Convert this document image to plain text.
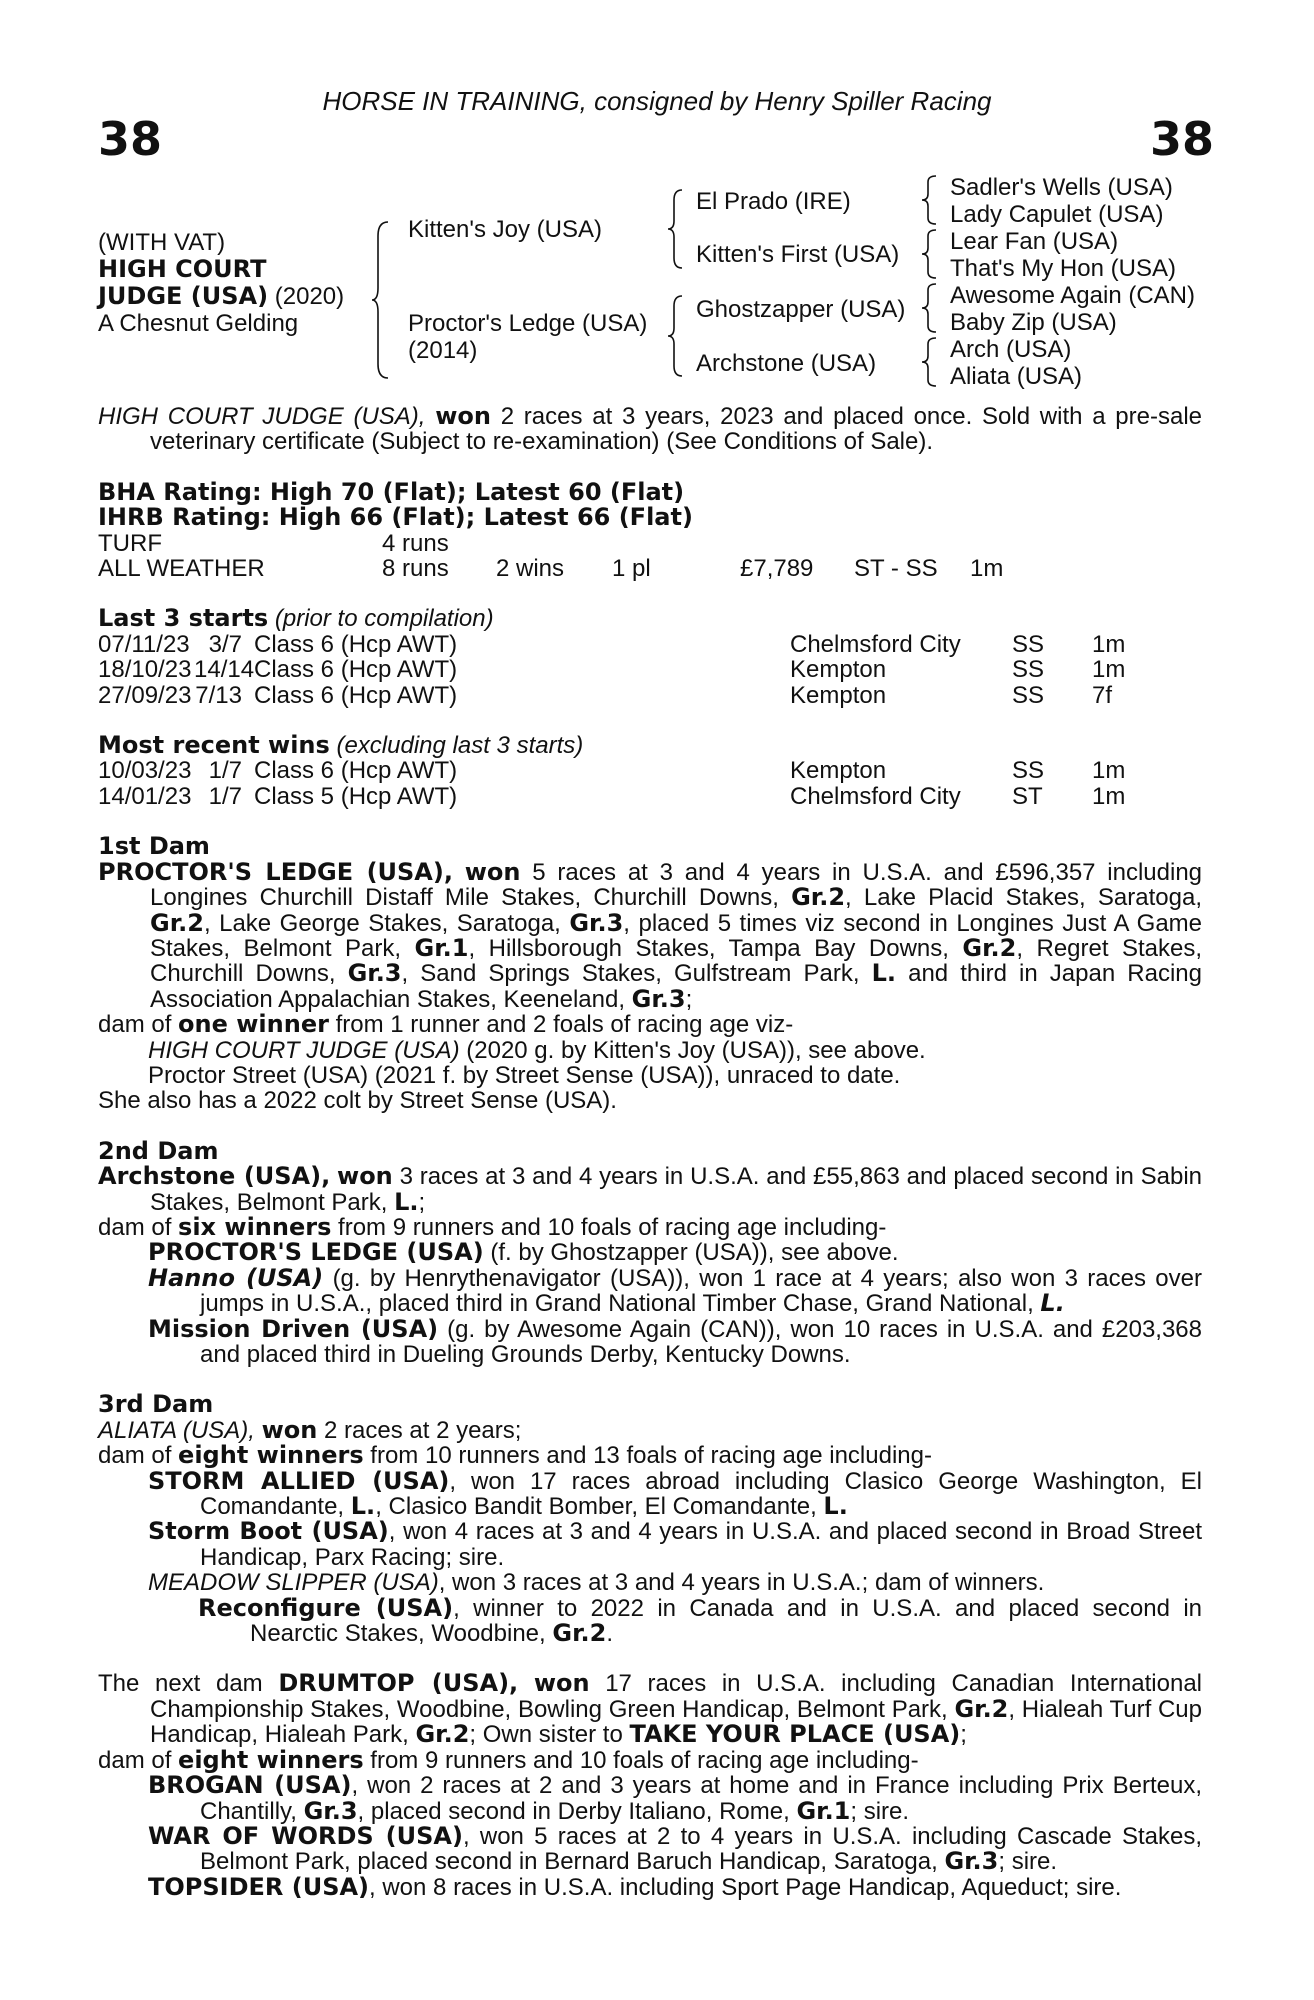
HORSE IN TRAINING, consigned by Henry Spiller Racing
38	38
(WITH VAT)
HIGH COURT
JUDGE (USA) (2020)
A Chesnut Gelding
Kitten's Joy (USA)
Proctor's Ledge (USA)
(2014)
El Prado (IRE)
Kitten's First (USA)
Ghostzapper (USA)
Archstone (USA)
Sadler's Wells (USA)
Lady Capulet (USA)
Lear Fan (USA)
That's My Hon (USA)
Awesome Again (CAN)
Baby Zip (USA)
Arch (USA)
Aliata (USA)

HIGH COURT JUDGE (USA), won 2 races at 3 years, 2023 and placed once. Sold with a pre-sale veterinary certificate (Subject to re-examination) (See Conditions of Sale).

BHA Rating: High 70 (Flat); Latest 60 (Flat)
IHRB Rating: High 66 (Flat); Latest 66 (Flat)
TURF	4 runs
ALL WEATHER	8 runs	2 wins	1 pl	£7,789	ST - SS	1m
Last 3 starts (prior to compilation)
07/11/23 3/7 Class 6 (Hcp AWT)	Chelmsford City	SS	1m
18/10/23 14/14 Class 6 (Hcp AWT)	Kempton	SS	1m
27/09/23 7/13 Class 6 (Hcp AWT)	Kempton	SS	7f
Most recent wins (excluding last 3 starts)
10/03/23 1/7 Class 6 (Hcp AWT)	Kempton	SS	1m
14/01/23 1/7 Class 5 (Hcp AWT)	Chelmsford City	ST	1m
1st Dam

PROCTOR'S LEDGE (USA), won 5 races at 3 and 4 years in U.S.A. and £596,357 including Longines Churchill Distaff Mile Stakes, Churchill Downs, Gr.2, Lake Placid Stakes, Saratoga, Gr.2, Lake George Stakes, Saratoga, Gr.3, placed 5 times viz second in Longines Just A Game Stakes, Belmont Park, Gr.1, Hillsborough Stakes, Tampa Bay Downs, Gr.2, Regret Stakes, Churchill Downs, Gr.3, Sand Springs Stakes, Gulfstream Park, L. and third in Japan Racing Association Appalachian Stakes, Keeneland, Gr.3;

dam of one winner from 1 runner and 2 foals of racing age viz-

HIGH COURT JUDGE (USA) (2020 g. by Kitten's Joy (USA)), see above.

Proctor Street (USA) (2021 f. by Street Sense (USA)), unraced to date.

She also has a 2022 colt by Street Sense (USA).

2nd Dam

Archstone (USA), won 3 races at 3 and 4 years in U.S.A. and £55,863 and placed second in Sabin Stakes, Belmont Park, L.;

dam of six winners from 9 runners and 10 foals of racing age including-

PROCTOR'S LEDGE (USA) (f. by Ghostzapper (USA)), see above.

Hanno (USA) (g. by Henrythenavigator (USA)), won 1 race at 4 years; also won 3 races over jumps in U.S.A., placed third in Grand National Timber Chase, Grand National, L.

Mission Driven (USA) (g. by Awesome Again (CAN)), won 10 races in U.S.A. and £203,368 and placed third in Dueling Grounds Derby, Kentucky Downs.

3rd Dam

ALIATA (USA), won 2 races at 2 years;

dam of eight winners from 10 runners and 13 foals of racing age including-

STORM ALLIED (USA), won 17 races abroad including Clasico George Washington, El Comandante, L., Clasico Bandit Bomber, El Comandante, L.

Storm Boot (USA), won 4 races at 3 and 4 years in U.S.A. and placed second in Broad Street Handicap, Parx Racing; sire.

MEADOW SLIPPER (USA), won 3 races at 3 and 4 years in U.S.A.; dam of winners.

Reconfigure (USA), winner to 2022 in Canada and in U.S.A. and placed second in Nearctic Stakes, Woodbine, Gr.2.

The next dam DRUMTOP (USA), won 17 races in U.S.A. including Canadian International Championship Stakes, Woodbine, Bowling Green Handicap, Belmont Park, Gr.2, Hialeah Turf Cup Handicap, Hialeah Park, Gr.2; Own sister to TAKE YOUR PLACE (USA);

dam of eight winners from 9 runners and 10 foals of racing age including-

BROGAN (USA), won 2 races at 2 and 3 years at home and in France including Prix Berteux, Chantilly, Gr.3, placed second in Derby Italiano, Rome, Gr.1; sire.

WAR OF WORDS (USA), won 5 races at 2 to 4 years in U.S.A. including Cascade Stakes, Belmont Park, placed second in Bernard Baruch Handicap, Saratoga, Gr.3; sire.

TOPSIDER (USA), won 8 races in U.S.A. including Sport Page Handicap, Aqueduct; sire.
